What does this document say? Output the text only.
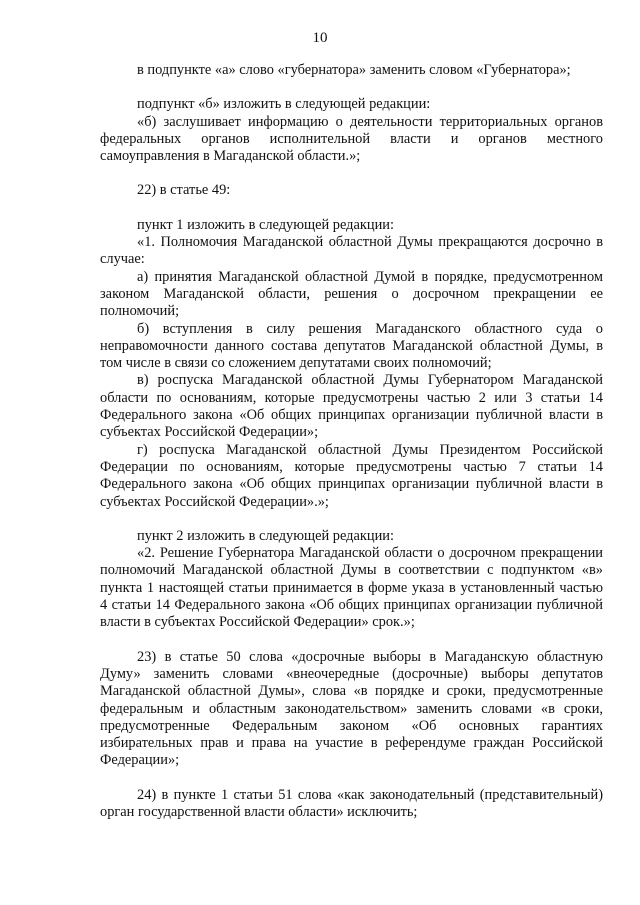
10

в подпункте «а» слово «губернатора» заменить словом «Губернатора»;

подпункт «б» изложить в следующей редакции:

«б) заслушивает информацию о деятельности территориальных органов федеральных органов исполнительной власти и органов местного самоуправления в Магаданской области.»;

22) в статье 49:

пункт 1 изложить в следующей редакции:

«1. Полномочия Магаданской областной Думы прекращаются досрочно в случае:

а) принятия Магаданской областной Думой в порядке, предусмотренном законом Магаданской области, решения о досрочном прекращении ее полномочий;

б) вступления в силу решения Магаданского областного суда о неправомочности данного состава депутатов Магаданской областной Думы, в том числе в связи со сложением депутатами своих полномочий;

в) роспуска Магаданской областной Думы Губернатором Магаданской области по основаниям, которые предусмотрены частью 2 или 3 статьи 14 Федерального закона «Об общих принципах организации публичной власти в субъектах Российской Федерации»;

г) роспуска Магаданской областной Думы Президентом Российской Федерации по основаниям, которые предусмотрены частью 7 статьи 14 Федерального закона «Об общих принципах организации публичной власти в субъектах Российской Федерации».»;

пункт 2 изложить в следующей редакции:

«2. Решение Губернатора Магаданской области о досрочном прекращении полномочий Магаданской областной Думы в соответствии с подпунктом «в» пункта 1 настоящей статьи принимается в форме указа в установленный частью 4 статьи 14 Федерального закона «Об общих принципах организации публичной власти в субъектах Российской Федерации» срок.»;

23) в статье 50 слова «досрочные выборы в Магаданскую областную Думу» заменить словами «внеочередные (досрочные) выборы депутатов Магаданской областной Думы», слова «в порядке и сроки, предусмотренные федеральным и областным законодательством» заменить словами «в сроки, предусмотренные Федеральным законом «Об основных гарантиях избирательных прав и права на участие в референдуме граждан Российской Федерации»;

24) в пункте 1 статьи 51 слова «как законодательный (представительный) орган государственной власти области» исключить;
